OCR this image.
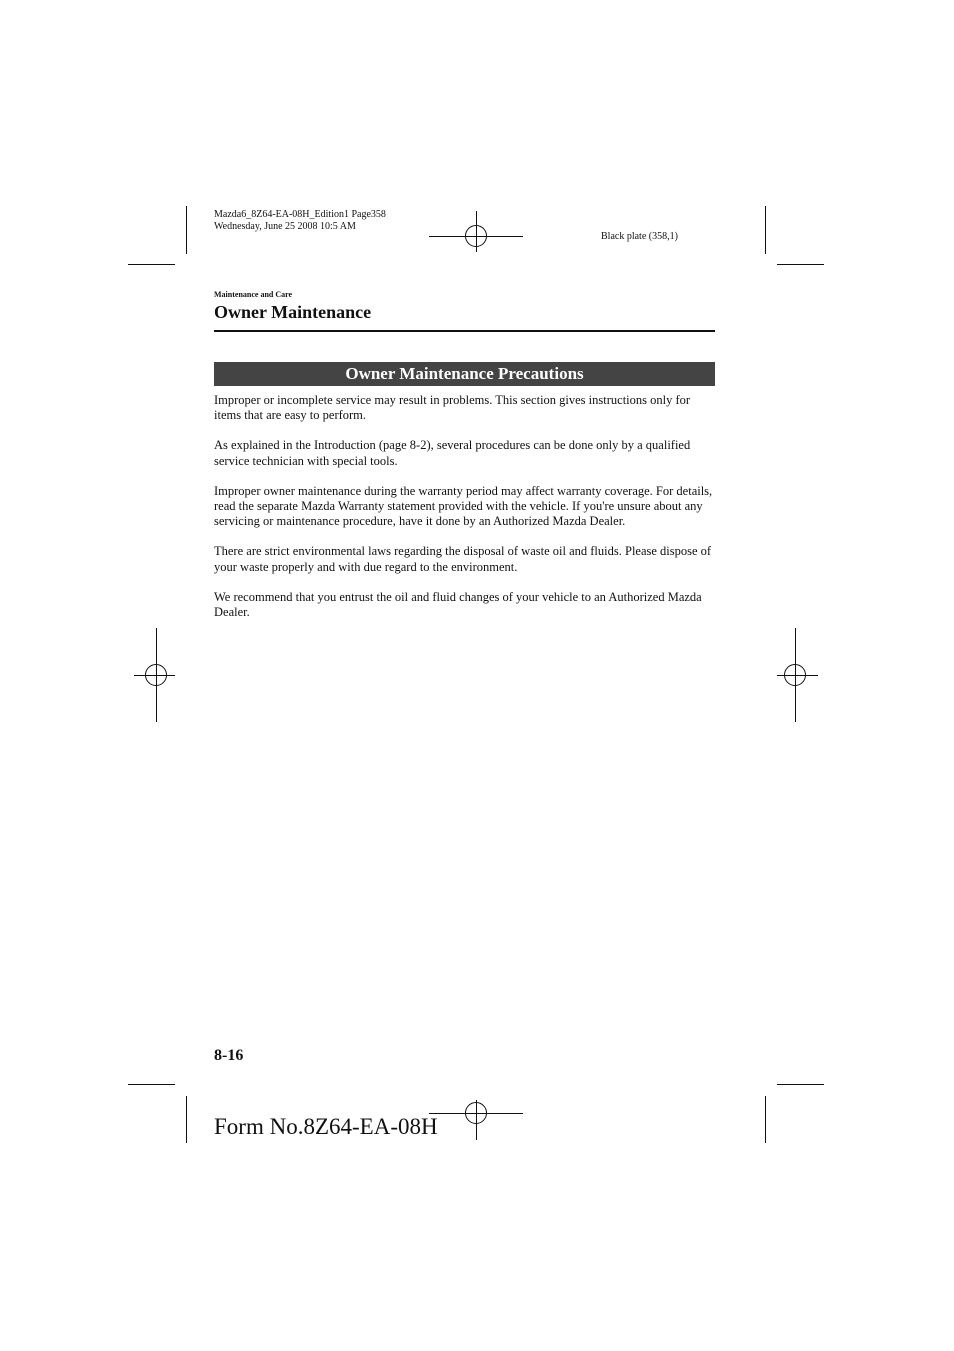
Mazda6_8Z64-EA-08H_Edition1 Page358
Wednesday, June 25 2008 10:5 AM
Black plate (358,1)
Maintenance and Care
Owner Maintenance
Owner Maintenance Precautions

Improper or incomplete service may result in problems. This section gives instructions only for items that are easy to perform.

As explained in the Introduction (page 8-2), several procedures can be done only by a qualified service technician with special tools.

Improper owner maintenance during the warranty period may affect warranty coverage. For details, read the separate Mazda Warranty statement provided with the vehicle. If you're unsure about any servicing or maintenance procedure, have it done by an Authorized Mazda Dealer.

There are strict environmental laws regarding the disposal of waste oil and fluids. Please dispose of your waste properly and with due regard to the environment.

We recommend that you entrust the oil and fluid changes of your vehicle to an Authorized Mazda Dealer.

8-16
Form No.8Z64-EA-08H
